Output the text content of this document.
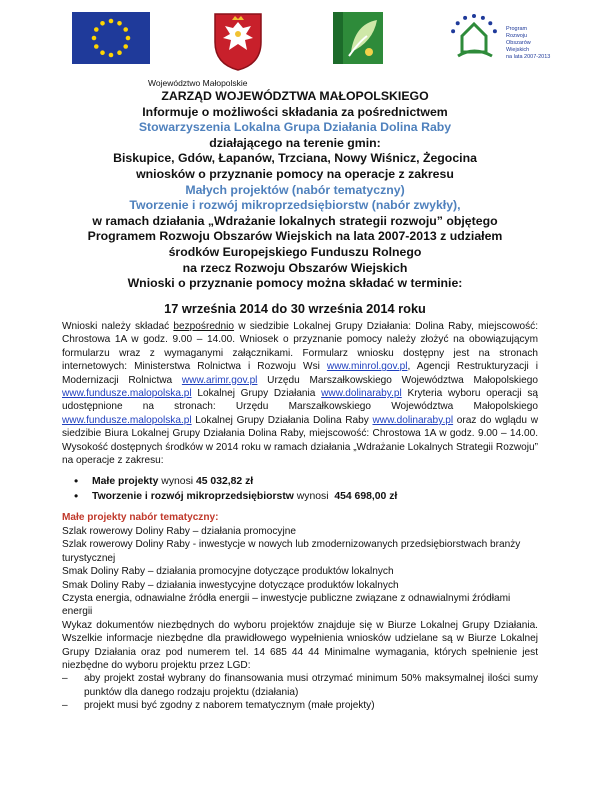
Program
Rozwoju
Obszarów
Wiejskich
na lata 2007-2013
Województwo Małopolskie
ZARZĄD WOJEWÓDZTWA MAŁOPOLSKIEGO
Informuje o możliwości składania za pośrednictwem
Stowarzyszenia Lokalna Grupa Działania Dolina Raby
działającego na terenie gmin:
Biskupice, Gdów, Łapanów, Trzciana, Nowy Wiśnicz, Żegocina
wniosków o przyznanie pomocy na operacje z zakresu
Małych projektów (nabór tematyczny)
Tworzenie i rozwój mikroprzedsiębiorstw (nabór zwykły),
w ramach działania „Wdrażanie lokalnych strategii rozwoju” objętego
Programem Rozwoju Obszarów Wiejskich na lata 2007-2013 z udziałem
środków Europejskiego Funduszu Rolnego
na rzecz Rozwoju Obszarów Wiejskich
Wnioski o przyznanie pomocy można składać w terminie:
17 września 2014 do 30 września 2014 roku

Wnioski należy składać bezpośrednio w siedzibie Lokalnej Grupy Działania: Dolina Raby, miejscowość: Chrostowa 1A w godz. 9.00 – 14.00. Wniosek o przyznanie pomocy należy złożyć na obowiązującym formularzu wraz z wymaganymi załącznikami. Formularz wniosku dostępny jest na stronach internetowych: Ministerstwa Rolnictwa i Rozwoju Wsi www.minrol.gov.pl, Agencji Restrukturyzacji i Modernizacji Rolnictwa www.arimr.gov.pl Urzędu Marszałkowskiego Województwa Małopolskiego www.fundusze.malopolska.pl Lokalnej Grupy Działania www.dolinaraby.pl Kryteria wyboru operacji są udostępnione na stronach: Urzędu Marszałkowskiego Województwa Małopolskiego www.fundusze.malopolska.pl Lokalnej Grupy Działania Dolina Raby www.dolinaraby.pl oraz do wglądu w siedzibie Biura Lokalnej Grupy Działania Dolina Raby, miejscowość: Chrostowa 1A w godz. 9.00 – 14.00. Wysokość dostępnych środków w 2014 roku w ramach działania „Wdrażanie Lokalnych Strategii Rozwoju” na operacje z zakresu:

• Małe projekty wynosi 45 032,82 zł
• Tworzenie i rozwój mikroprzedsiębiorstw wynosi  454 698,00 zł

Małe projekty nabór tematyczny:

Szlak rowerowy Doliny Raby – działania promocyjne

Szlak rowerowy Doliny Raby - inwestycje w nowych lub zmodernizowanych przedsiębiorstwach branży turystycznej

Smak Doliny Raby – działania promocyjne dotyczące produktów lokalnych

Smak Doliny Raby – działania inwestycyjne dotyczące produktów lokalnych

Czysta energia, odnawialne źródła energii – inwestycje publiczne związane z odnawialnymi źródłami energii

Wykaz dokumentów niezbędnych do wyboru projektów znajduje się w Biurze Lokalnej Grupy Działania. Wszelkie informacje niezbędne dla prawidłowego wypełnienia wniosków udzielane są w Biurze Lokalnej Grupy Działania oraz pod numerem tel. 14 685 44 44 Minimalne wymagania, których spełnienie jest niezbędne do wyboru projektu przez LGD:

– aby projekt został wybrany do finansowania musi otrzymać minimum 50% maksymalnej ilości sumy punktów dla danego rodzaju projektu (działania)
– projekt musi być zgodny z naborem tematycznym (małe projekty)
